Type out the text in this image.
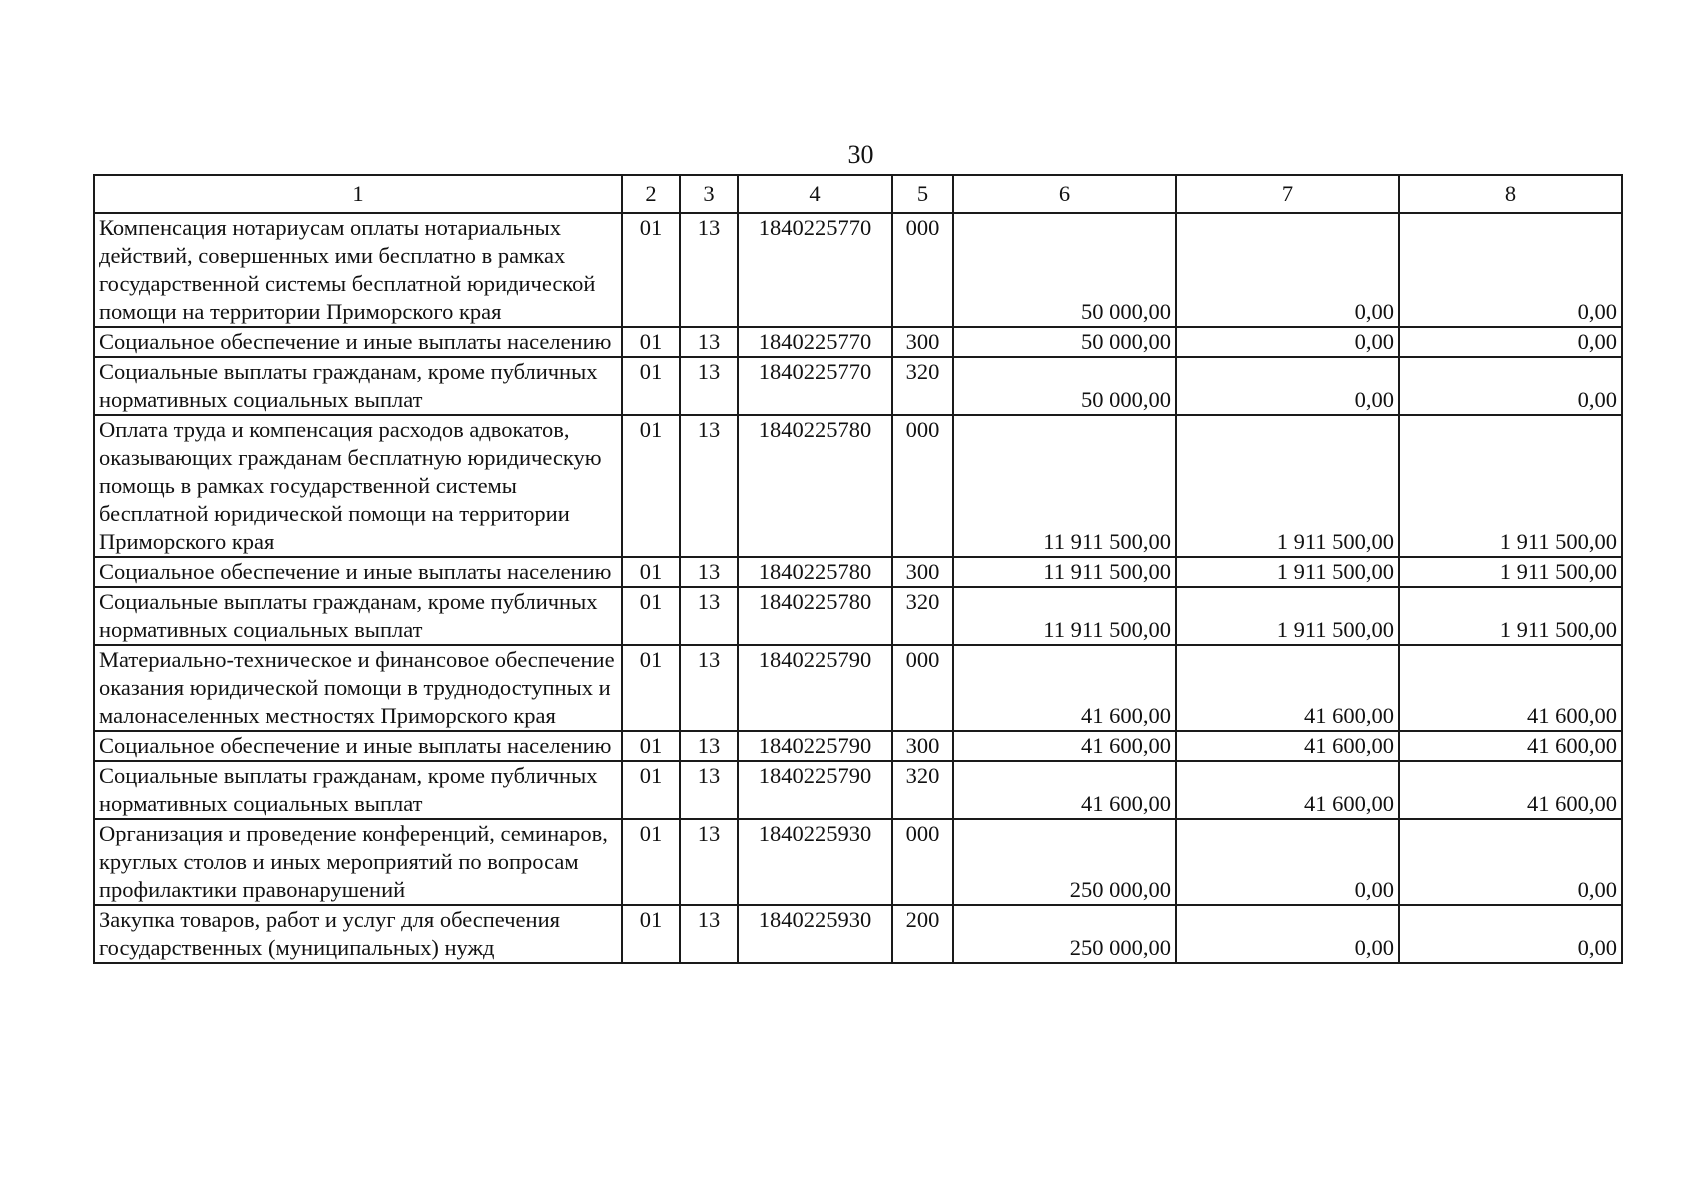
30
1	2	3	4	5	6	7	8
Компенсация нотариусам оплаты нотариальных действий, совершенных ими бесплатно в рамках государственной системы бесплатной юридической помощи на территории Приморского края	01	13	1840225770	000	50 000,00	0,00	0,00
Социальное обеспечение и иные выплаты населению	01	13	1840225770	300	50 000,00	0,00	0,00
Социальные выплаты гражданам, кроме публичных нормативных социальных выплат	01	13	1840225770	320	50 000,00	0,00	0,00
Оплата труда и компенсация расходов адвокатов, оказывающих гражданам бесплатную юридическую помощь в рамках государственной системы бесплатной юридической помощи на территории Приморского края	01	13	1840225780	000	11 911 500,00	1 911 500,00	1 911 500,00
Социальное обеспечение и иные выплаты населению	01	13	1840225780	300	11 911 500,00	1 911 500,00	1 911 500,00
Социальные выплаты гражданам, кроме публичных нормативных социальных выплат	01	13	1840225780	320	11 911 500,00	1 911 500,00	1 911 500,00
Материально-техническое и финансовое обеспечение оказания юридической помощи в труднодоступных и малонаселенных местностях Приморского края	01	13	1840225790	000	41 600,00	41 600,00	41 600,00
Социальное обеспечение и иные выплаты населению	01	13	1840225790	300	41 600,00	41 600,00	41 600,00
Социальные выплаты гражданам, кроме публичных нормативных социальных выплат	01	13	1840225790	320	41 600,00	41 600,00	41 600,00
Организация и проведение конференций, семинаров, круглых столов и иных мероприятий по вопросам профилактики правонарушений	01	13	1840225930	000	250 000,00	0,00	0,00
Закупка товаров, работ и услуг для обеспечения государственных (муниципальных) нужд	01	13	1840225930	200	250 000,00	0,00	0,00
